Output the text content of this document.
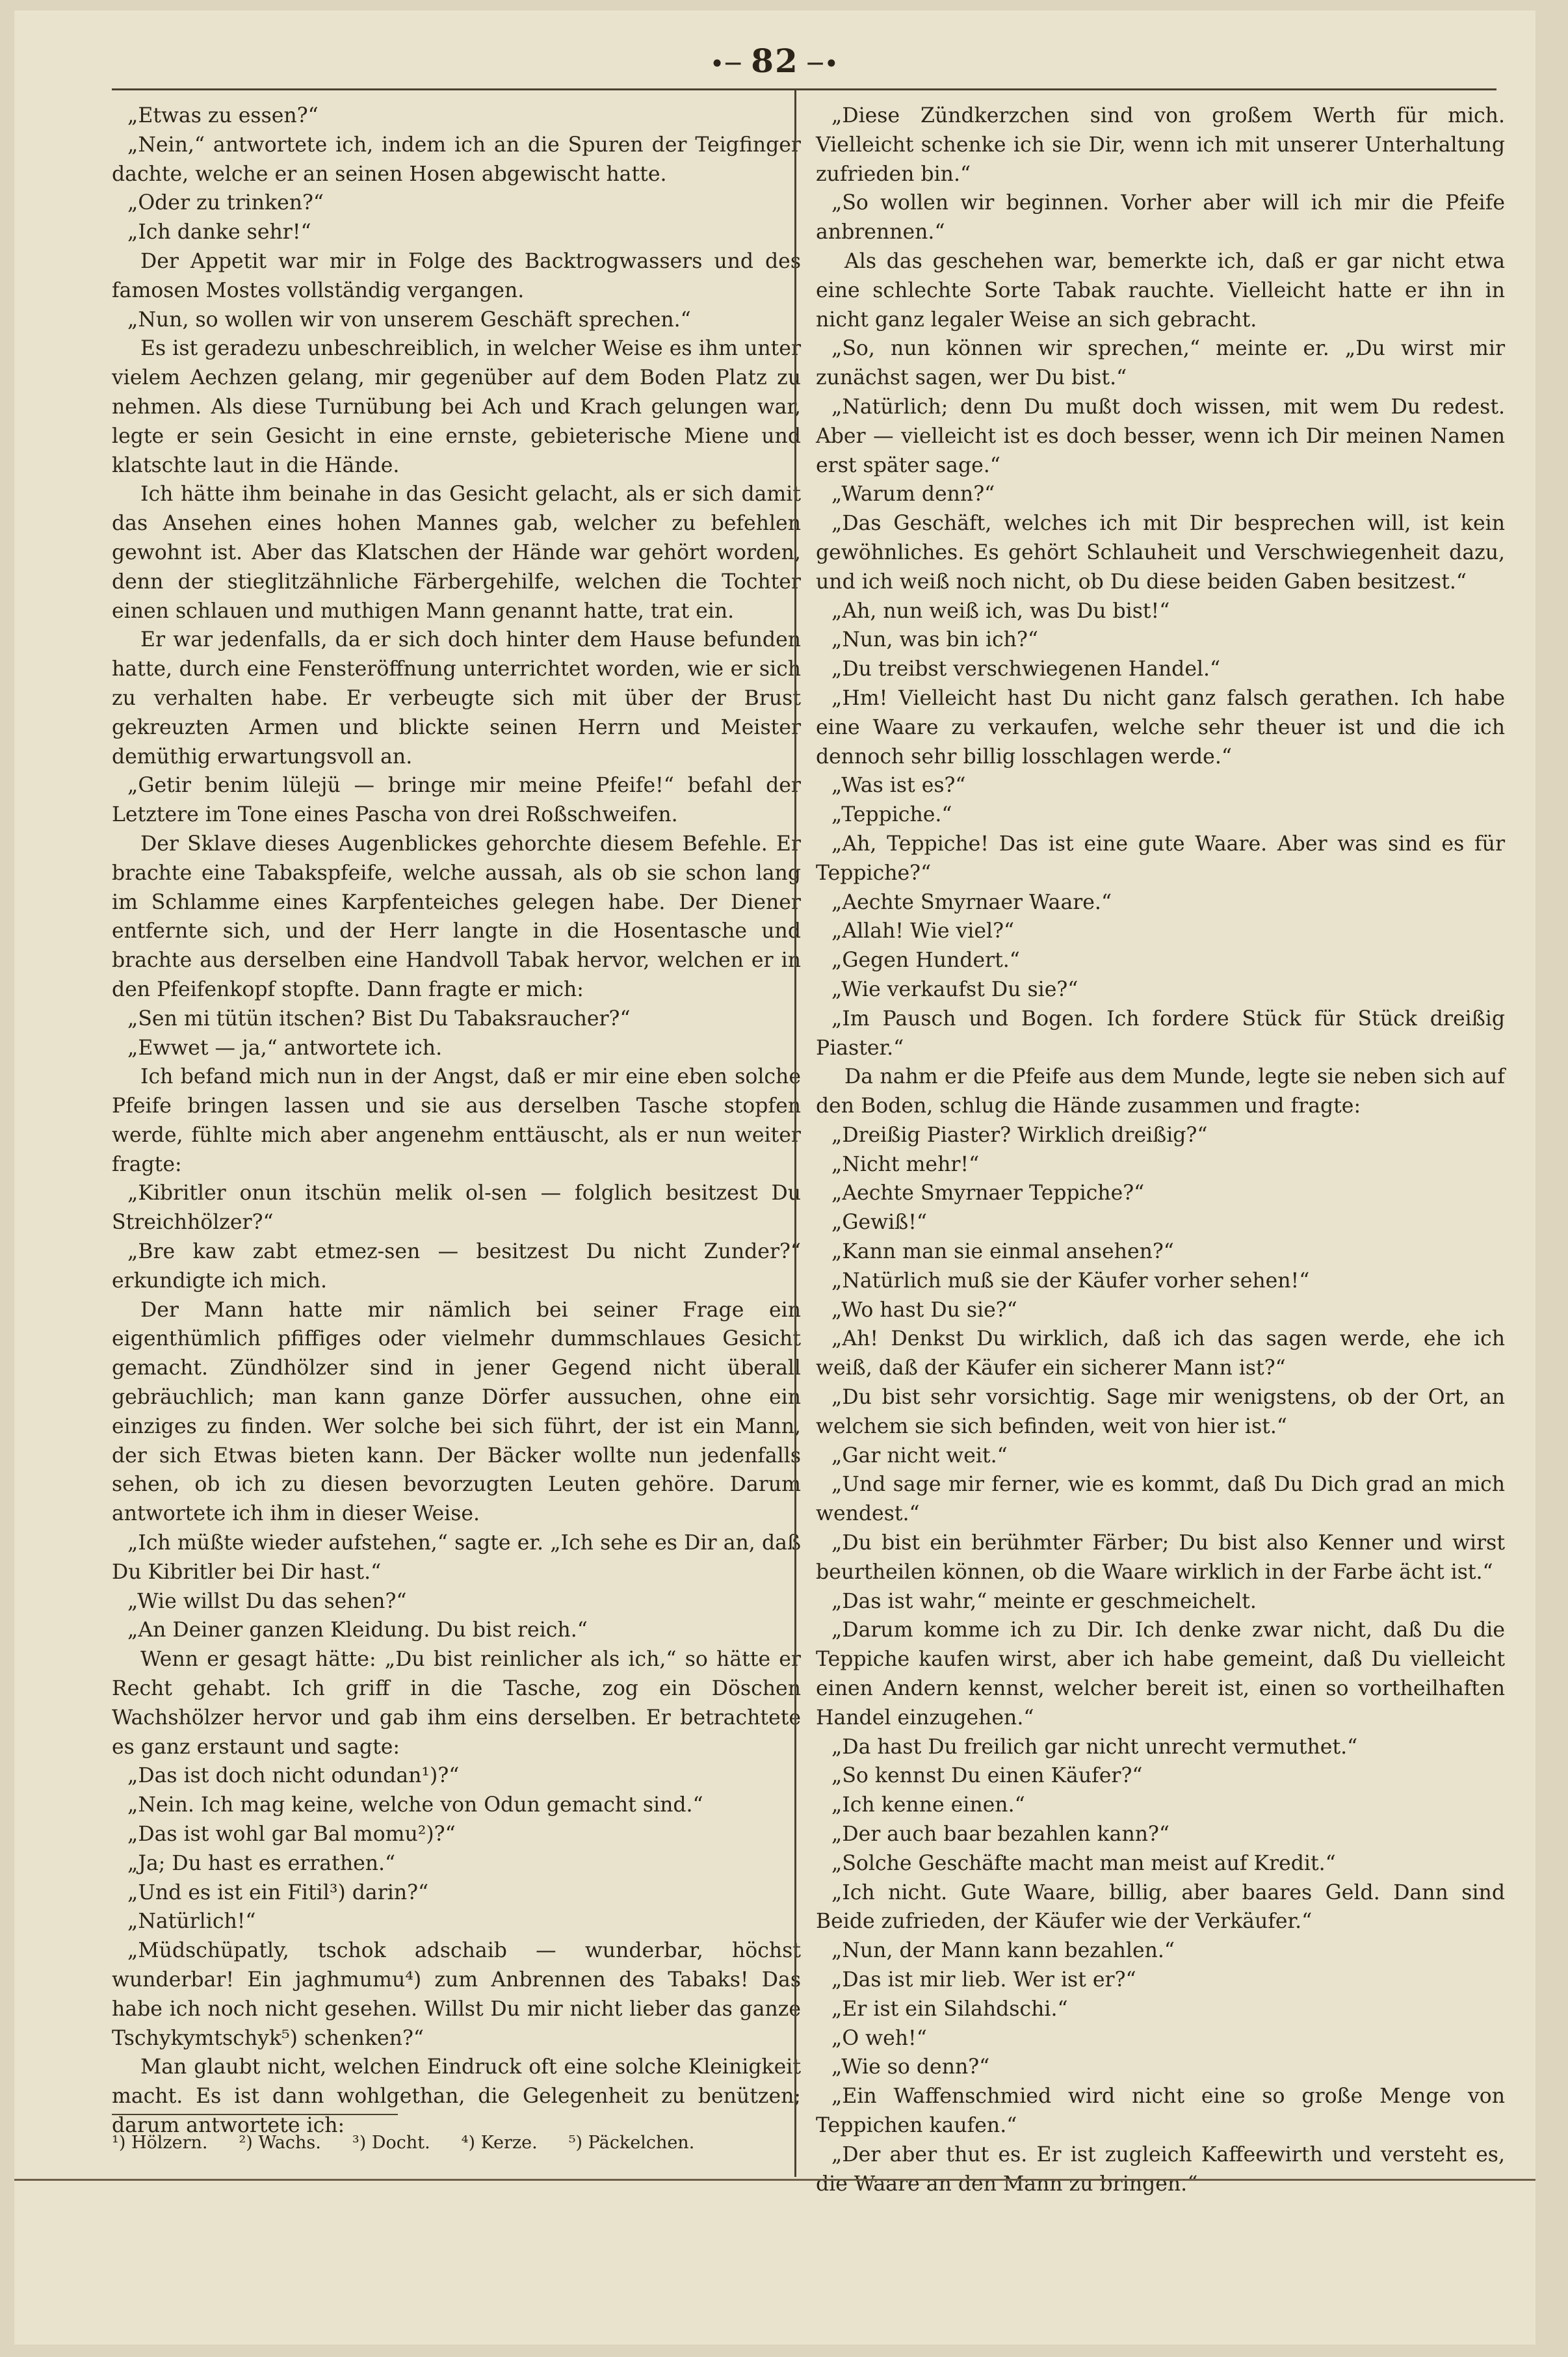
•─ 82 ─•

„Etwas zu essen?“

„Nein,“ antwortete ich, indem ich an die Spuren der Teigfinger dachte, welche er an seinen Hosen abgewischt hatte.

„Oder zu trinken?“

„Ich danke sehr!“

Der Appetit war mir in Folge des Backtrogwassers und des famosen Mostes vollständig vergangen.

„Nun, so wollen wir von unserem Geschäft sprechen.“

Es ist geradezu unbeschreiblich, in welcher Weise es ihm unter vielem Aechzen gelang, mir gegenüber auf dem Boden Platz zu nehmen. Als diese Turnübung bei Ach und Krach gelungen war, legte er sein Gesicht in eine ernste, gebieterische Miene und klatschte laut in die Hände.

Ich hätte ihm beinahe in das Gesicht gelacht, als er sich damit das Ansehen eines hohen Mannes gab, welcher zu befehlen gewohnt ist. Aber das Klatschen der Hände war gehört worden, denn der stieglitzähnliche Färbergehilfe, welchen die Tochter einen schlauen und muthigen Mann genannt hatte, trat ein.

Er war jedenfalls, da er sich doch hinter dem Hause befunden hatte, durch eine Fensteröffnung unterrichtet worden, wie er sich zu verhalten habe. Er verbeugte sich mit über der Brust gekreuzten Armen und blickte seinen Herrn und Meister demüthig erwartungsvoll an.

„Getir benim lülejü — bringe mir meine Pfeife!“ befahl der Letztere im Tone eines Pascha von drei Roßschweifen.

Der Sklave dieses Augenblickes gehorchte diesem Befehle. Er brachte eine Tabakspfeife, welche aussah, als ob sie schon lang im Schlamme eines Karpfenteiches gelegen habe. Der Diener entfernte sich, und der Herr langte in die Hosentasche und brachte aus derselben eine Handvoll Tabak hervor, welchen er in den Pfeifenkopf stopfte. Dann fragte er mich:

„Sen mi tütün itschen? Bist Du Tabaksraucher?“

„Ewwet — ja,“ antwortete ich.

Ich befand mich nun in der Angst, daß er mir eine eben solche Pfeife bringen lassen und sie aus derselben Tasche stopfen werde, fühlte mich aber angenehm enttäuscht, als er nun weiter fragte:

„Kibritler onun itschün melik ol-sen — folglich besitzest Du Streichhölzer?“

„Bre kaw zabt etmez-sen — besitzest Du nicht Zunder?“ erkundigte ich mich.

Der Mann hatte mir nämlich bei seiner Frage ein eigenthümlich pfiffiges oder vielmehr dummschlaues Gesicht gemacht. Zündhölzer sind in jener Gegend nicht überall gebräuchlich; man kann ganze Dörfer aussuchen, ohne ein einziges zu finden. Wer solche bei sich führt, der ist ein Mann, der sich Etwas bieten kann. Der Bäcker wollte nun jedenfalls sehen, ob ich zu diesen bevorzugten Leuten gehöre. Darum antwortete ich ihm in dieser Weise.

„Ich müßte wieder aufstehen,“ sagte er. „Ich sehe es Dir an, daß Du Kibritler bei Dir hast.“

„Wie willst Du das sehen?“

„An Deiner ganzen Kleidung. Du bist reich.“

Wenn er gesagt hätte: „Du bist reinlicher als ich,“ so hätte er Recht gehabt. Ich griff in die Tasche, zog ein Döschen Wachshölzer hervor und gab ihm eins derselben. Er betrachtete es ganz erstaunt und sagte:

„Das ist doch nicht odundan¹)?“

„Nein. Ich mag keine, welche von Odun gemacht sind.“

„Das ist wohl gar Bal momu²)?“

„Ja; Du hast es errathen.“

„Und es ist ein Fitil³) darin?“

„Natürlich!“

„Müdschüpatly, tschok adschaib — wunderbar, höchst wunderbar! Ein jaghmumu⁴) zum Anbrennen des Tabaks! Das habe ich noch nicht gesehen. Willst Du mir nicht lieber das ganze Tschykymtschyk⁵) schenken?“

Man glaubt nicht, welchen Eindruck oft eine solche Kleinigkeit macht. Es ist dann wohlgethan, die Gelegenheit zu benützen; darum antwortete ich:

„Diese Zündkerzchen sind von großem Werth für mich. Vielleicht schenke ich sie Dir, wenn ich mit unserer Unterhaltung zufrieden bin.“

„So wollen wir beginnen. Vorher aber will ich mir die Pfeife anbrennen.“

Als das geschehen war, bemerkte ich, daß er gar nicht etwa eine schlechte Sorte Tabak rauchte. Vielleicht hatte er ihn in nicht ganz legaler Weise an sich gebracht.

„So, nun können wir sprechen,“ meinte er. „Du wirst mir zunächst sagen, wer Du bist.“

„Natürlich; denn Du mußt doch wissen, mit wem Du redest. Aber — vielleicht ist es doch besser, wenn ich Dir meinen Namen erst später sage.“

„Warum denn?“

„Das Geschäft, welches ich mit Dir besprechen will, ist kein gewöhnliches. Es gehört Schlauheit und Verschwiegenheit dazu, und ich weiß noch nicht, ob Du diese beiden Gaben besitzest.“

„Ah, nun weiß ich, was Du bist!“

„Nun, was bin ich?“

„Du treibst verschwiegenen Handel.“

„Hm! Vielleicht hast Du nicht ganz falsch gerathen. Ich habe eine Waare zu verkaufen, welche sehr theuer ist und die ich dennoch sehr billig losschlagen werde.“

„Was ist es?“

„Teppiche.“

„Ah, Teppiche! Das ist eine gute Waare. Aber was sind es für Teppiche?“

„Aechte Smyrnaer Waare.“

„Allah! Wie viel?“

„Gegen Hundert.“

„Wie verkaufst Du sie?“

„Im Pausch und Bogen. Ich fordere Stück für Stück dreißig Piaster.“

Da nahm er die Pfeife aus dem Munde, legte sie neben sich auf den Boden, schlug die Hände zusammen und fragte:

„Dreißig Piaster? Wirklich dreißig?“

„Nicht mehr!“

„Aechte Smyrnaer Teppiche?“

„Gewiß!“

„Kann man sie einmal ansehen?“

„Natürlich muß sie der Käufer vorher sehen!“

„Wo hast Du sie?“

„Ah! Denkst Du wirklich, daß ich das sagen werde, ehe ich weiß, daß der Käufer ein sicherer Mann ist?“

„Du bist sehr vorsichtig. Sage mir wenigstens, ob der Ort, an welchem sie sich befinden, weit von hier ist.“

„Gar nicht weit.“

„Und sage mir ferner, wie es kommt, daß Du Dich grad an mich wendest.“

„Du bist ein berühmter Färber; Du bist also Kenner und wirst beurtheilen können, ob die Waare wirklich in der Farbe ächt ist.“

„Das ist wahr,“ meinte er geschmeichelt.

„Darum komme ich zu Dir. Ich denke zwar nicht, daß Du die Teppiche kaufen wirst, aber ich habe gemeint, daß Du vielleicht einen Andern kennst, welcher bereit ist, einen so vortheilhaften Handel einzugehen.“

„Da hast Du freilich gar nicht unrecht vermuthet.“

„So kennst Du einen Käufer?“

„Ich kenne einen.“

„Der auch baar bezahlen kann?“

„Solche Geschäfte macht man meist auf Kredit.“

„Ich nicht. Gute Waare, billig, aber baares Geld. Dann sind Beide zufrieden, der Käufer wie der Verkäufer.“

„Nun, der Mann kann bezahlen.“

„Das ist mir lieb. Wer ist er?“

„Er ist ein Silahdschi.“

„O weh!“

„Wie so denn?“

„Ein Waffenschmied wird nicht eine so große Menge von Teppichen kaufen.“

„Der aber thut es. Er ist zugleich Kaffeewirth und versteht es, die Waare an den Mann zu bringen.“

¹) Hölzern. ²) Wachs. ³) Docht. ⁴) Kerze. ⁵) Päckelchen.
